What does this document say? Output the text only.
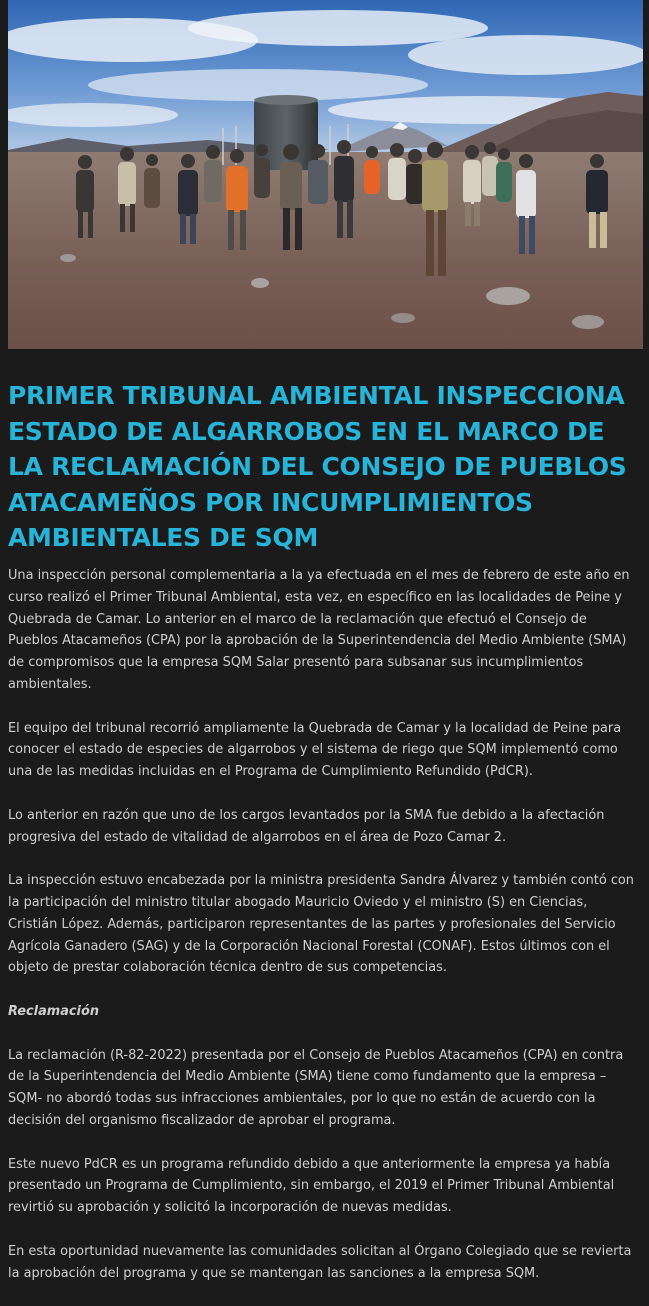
PRIMER TRIBUNAL AMBIENTAL INSPECCIONA ESTADO DE ALGARROBOS EN EL MARCO DE LA RECLAMACIÓN DEL CONSEJO DE PUEBLOS ATACAMEÑOS POR INCUMPLIMIENTOS AMBIENTALES DE SQM

Una inspección personal complementaria a la ya efectuada en el mes de febrero de este año en curso realizó el Primer Tribunal Ambiental, esta vez, en específico en las localidades de Peine y Quebrada de Camar. Lo anterior en el marco de la reclamación que efectuó el Consejo de Pueblos Atacameños (CPA) por la aprobación de la Superintendencia del Medio Ambiente (SMA) de compromisos que la empresa SQM Salar presentó para subsanar sus incumplimientos ambientales.

El equipo del tribunal recorrió ampliamente la Quebrada de Camar y la localidad de Peine para conocer el estado de especies de algarrobos y el sistema de riego que SQM implementó como una de las medidas incluidas en el Programa de Cumplimiento Refundido (PdCR).

Lo anterior en razón que uno de los cargos levantados por la SMA fue debido a la afectación progresiva del estado de vitalidad de algarrobos en el área de Pozo Camar 2.

La inspección estuvo encabezada por la ministra presidenta Sandra Álvarez y también contó con la participación del ministro titular abogado Mauricio Oviedo y el ministro (S) en Ciencias, Cristián López. Además, participaron representantes de las partes y profesionales del Servicio Agrícola Ganadero (SAG) y de la Corporación Nacional Forestal (CONAF). Estos últimos con el objeto de prestar colaboración técnica dentro de sus competencias.

Reclamación

La reclamación (R-82-2022) presentada por el Consejo de Pueblos Atacameños (CPA) en contra de la Superintendencia del Medio Ambiente (SMA) tiene como fundamento que la empresa – SQM- no abordó todas sus infracciones ambientales, por lo que no están de acuerdo con la decisión del organismo fiscalizador de aprobar el programa.

Este nuevo PdCR es un programa refundido debido a que anteriormente la empresa ya había presentado un Programa de Cumplimiento, sin embargo, el 2019 el Primer Tribunal Ambiental revirtió su aprobación y solicitó la incorporación de nuevas medidas.

En esta oportunidad nuevamente las comunidades solicitan al Órgano Colegiado que se revierta la aprobación del programa y que se mantengan las sanciones a la empresa SQM.
